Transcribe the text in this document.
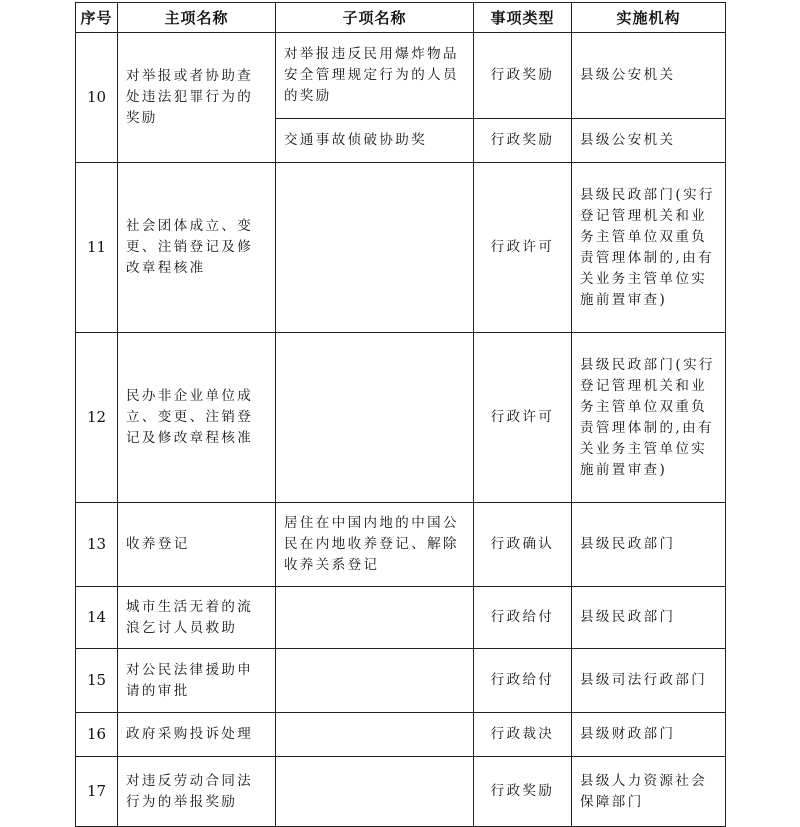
序号	主项名称	子项名称	事项类型	实施机构
10	对举报或者协助查处违法犯罪行为的奖励	对举报违反民用爆炸物品安全管理规定行为的人员的奖励	行政奖励	县级公安机关
		交通事故侦破协助奖	行政奖励	县级公安机关
11	社会团体成立、变更、注销登记及修改章程核准		行政许可	县级民政部门(实行登记管理机关和业务主管单位双重负责管理体制的,由有关业务主管单位实施前置审查)
12	民办非企业单位成立、变更、注销登记及修改章程核准		行政许可	县级民政部门(实行登记管理机关和业务主管单位双重负责管理体制的,由有关业务主管单位实施前置审查)
13	收养登记	居住在中国内地的中国公民在内地收养登记、解除收养关系登记	行政确认	县级民政部门
14	城市生活无着的流浪乞讨人员救助		行政给付	县级民政部门
15	对公民法律援助申请的审批		行政给付	县级司法行政部门
16	政府采购投诉处理		行政裁决	县级财政部门
17	对违反劳动合同法行为的举报奖励		行政奖励	县级人力资源社会保障部门
